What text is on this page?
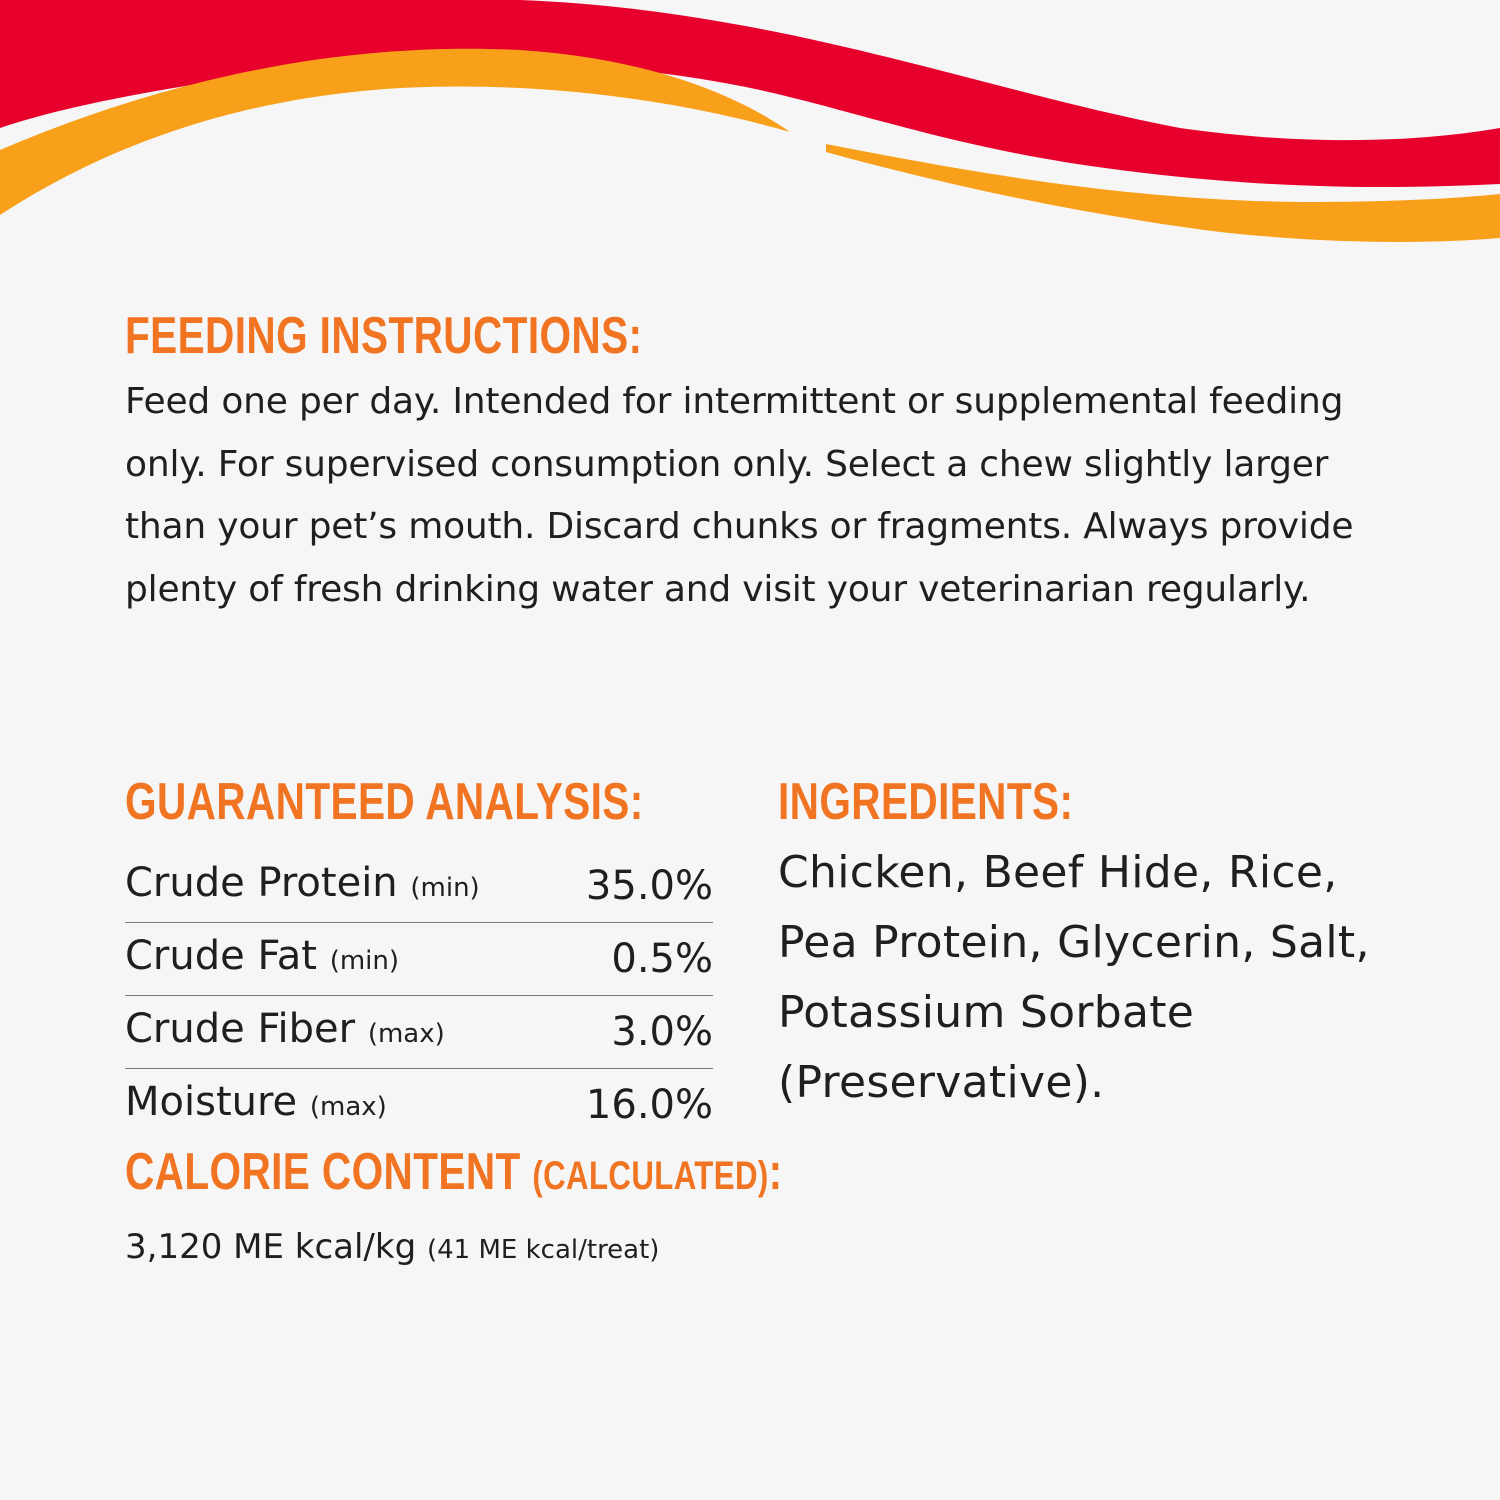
FEEDING INSTRUCTIONS:

Feed one per day. Intended for intermittent or supplemental feeding only. For supervised consumption only. Select a chew slightly larger than your pet’s mouth. Discard chunks or fragments. Always provide plenty of fresh drinking water and visit your veterinarian regularly.

GUARANTEED ANALYSIS:
Crude Protein (min)	35.0%
Crude Fat (min)	0.5%
Crude Fiber (max)	3.0%
Moisture (max)	16.0%
CALORIE CONTENT (CALCULATED):

3,120 ME kcal/kg (41 ME kcal/treat)

INGREDIENTS:

Chicken, Beef Hide, Rice, Pea Protein, Glycerin, Salt, Potassium Sorbate (Preservative).
